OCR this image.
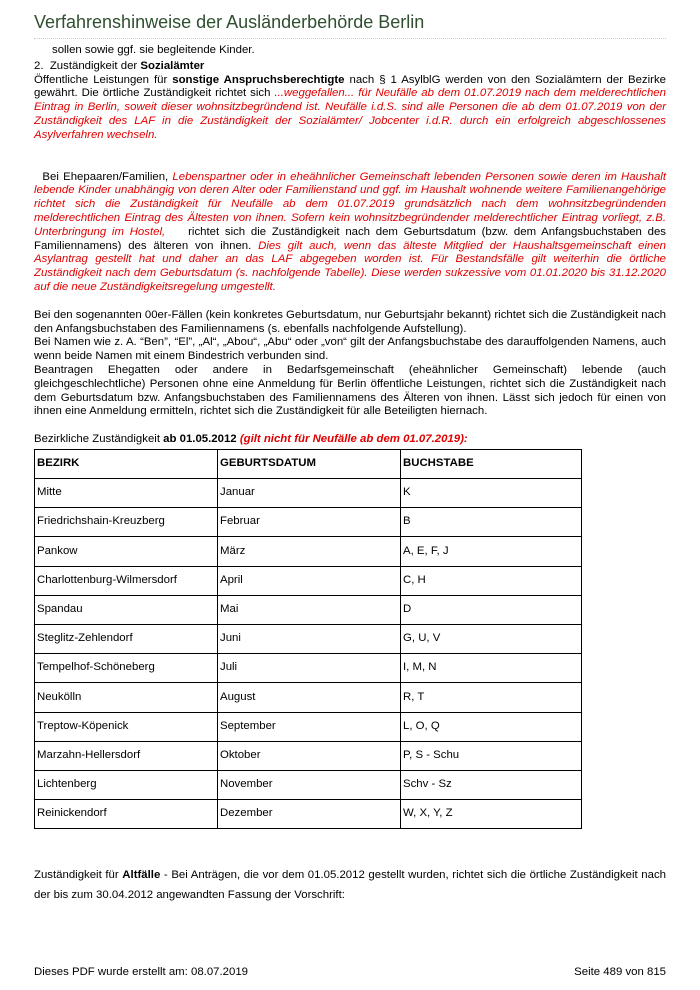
Verfahrenshinweise der Ausländerbehörde Berlin

sollen sowie ggf. sie begleitende Kinder.

2. Zuständigkeit der Sozialämter

Öffentliche Leistungen für sonstige Anspruchsberechtigte nach § 1 AsylblG werden von den Sozialämtern der Bezirke gewährt. Die örtliche Zuständigkeit richtet sich ...weggefallen... für Neufälle ab dem 01.07.2019 nach dem melderechtlichen Eintrag in Berlin, soweit dieser wohnsitzbegründend ist. Neufälle i.d.S. sind alle Personen die ab dem 01.07.2019 von der Zuständigkeit des LAF in die Zuständigkeit der Sozialämter/ Jobcenter i.d.R. durch ein erfolgreich abgeschlossenes Asylverfahren wechseln.

Bei Ehepaaren/Familien, Lebenspartner oder in eheähnlicher Gemeinschaft lebenden Personen sowie deren im Haushalt lebende Kinder unabhängig von deren Alter oder Familienstand und ggf. im Haushalt wohnende weitere Familienangehörige richtet sich die Zuständigkeit für Neufälle ab dem 01.07.2019 grundsätzlich nach dem wohnsitzbegründenden melderechtlichen Eintrag des Ältesten von ihnen. Sofern kein wohnsitzbegründender melderechtlicher Eintrag vorliegt, z.B. Unterbringung im Hostel, richtet sich die Zuständigkeit nach dem Geburtsdatum (bzw. dem Anfangsbuchstaben des Familiennamens) des älteren von ihnen. Dies gilt auch, wenn das älteste Mitglied der Haushaltsgemeinschaft einen Asylantrag gestellt hat und daher an das LAF abgegeben worden ist. Für Bestandsfälle gilt weiterhin die örtliche Zuständigkeit nach dem Geburtsdatum (s. nachfolgende Tabelle). Diese werden sukzessive vom 01.01.2020 bis 31.12.2020 auf die neue Zuständigkeitsregelung umgestellt.

Bei den sogenannten 00er-Fällen (kein konkretes Geburtsdatum, nur Geburtsjahr bekannt) richtet sich die Zuständigkeit nach den Anfangsbuchstaben des Familiennamens (s. ebenfalls nachfolgende Aufstellung).

Bei Namen wie z. A. “Ben”, “El”, „Al“, „Abou“, „Abu“ oder „von“ gilt der Anfangsbuchstabe des darauffolgenden Namens, auch wenn beide Namen mit einem Bindestrich verbunden sind.

Beantragen Ehegatten oder andere in Bedarfsgemeinschaft (eheähnlicher Gemeinschaft) lebende (auch gleichgeschlechtliche) Personen ohne eine Anmeldung für Berlin öffentliche Leistungen, richtet sich die Zuständigkeit nach dem Geburtsdatum bzw. Anfangsbuchstaben des Familiennamens des Älteren von ihnen. Lässt sich jedoch für einen von ihnen eine Anmeldung ermitteln, richtet sich die Zuständigkeit für alle Beteiligten hiernach.

Bezirkliche Zuständigkeit ab 01.05.2012 (gilt nicht für Neufälle ab dem 01.07.2019):

BEZIRK	GEBURTSDATUM	BUCHSTABE
Mitte	Januar	K
Friedrichshain-Kreuzberg	Februar	B
Pankow	März	A, E, F, J
Charlottenburg-Wilmersdorf	April	C, H
Spandau	Mai	D
Steglitz-Zehlendorf	Juni	G, U, V
Tempelhof-Schöneberg	Juli	I, M, N
Neukölln	August	R, T
Treptow-Köpenick	September	L, O, Q
Marzahn-Hellersdorf	Oktober	P, S - Schu
Lichtenberg	November	Schv - Sz
Reinickendorf	Dezember	W, X, Y, Z

Zuständigkeit für Altfälle - Bei Anträgen, die vor dem 01.05.2012 gestellt wurden, richtet sich die örtliche Zuständigkeit nach der bis zum 30.04.2012 angewandten Fassung der Vorschrift:

Dieses PDF wurde erstellt am: 08.07.2019	Seite 489 von 815
